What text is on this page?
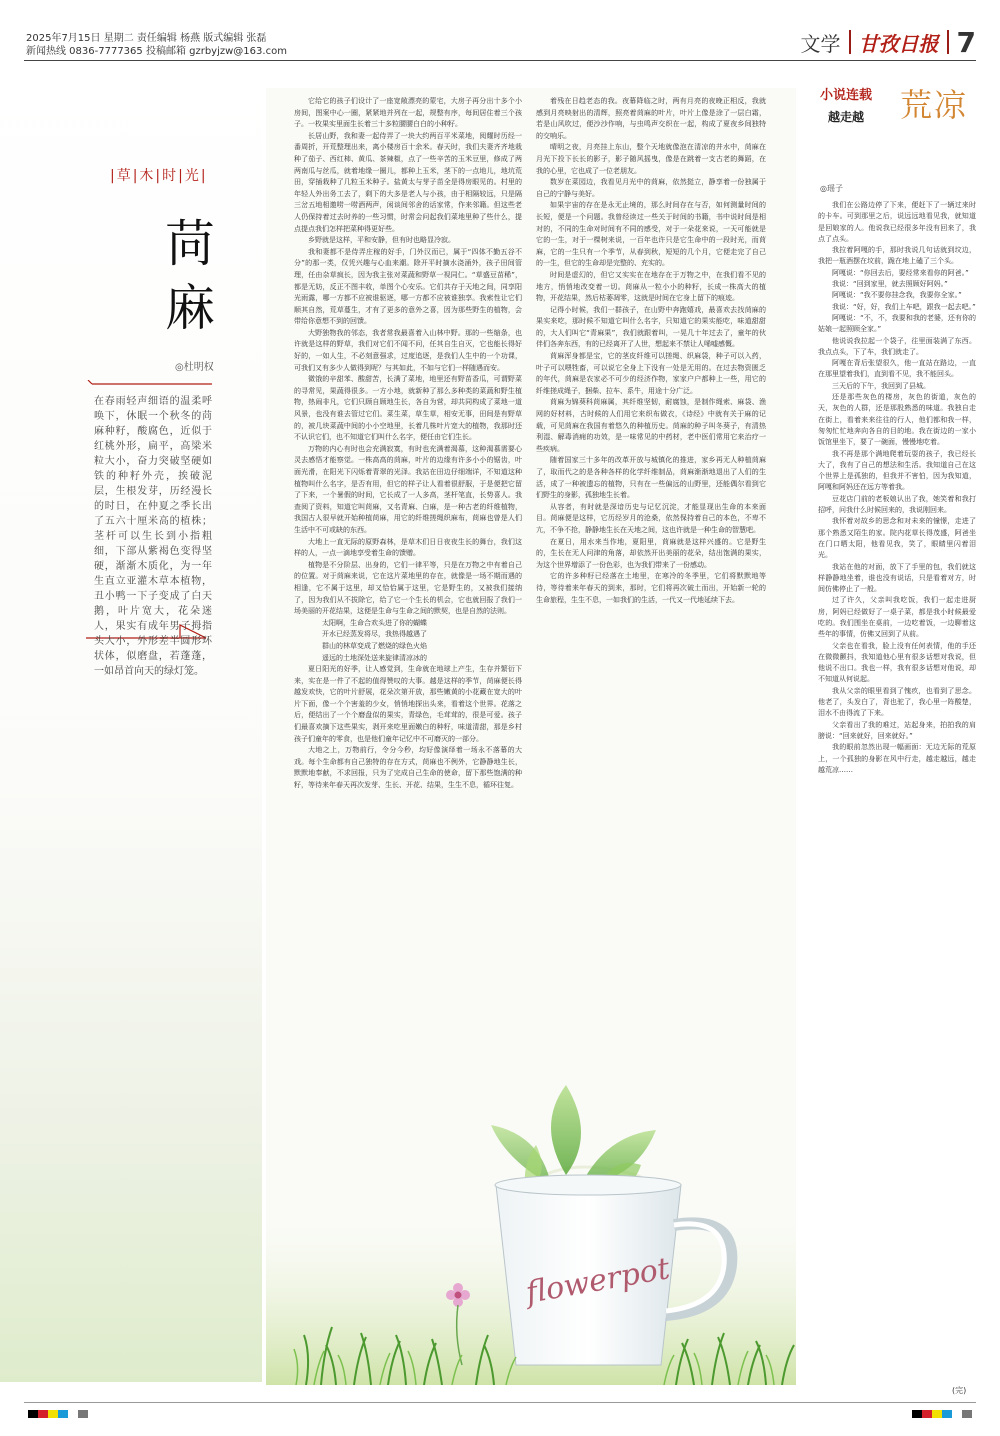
2025年7月15日 星期二 责任编辑 杨燕 版式编辑 张磊
新闻热线 0836-7777365 投稿邮箱 gzrbyjzw@163.com	文学 甘孜日报 7
|草|木|时|光|
苘
麻
◎杜明权
在春雨轻声细语的温柔呼唤下，休眠一个秋冬的苘麻种籽，酸腐色，近似于红桃外形，扁平，高梁米粒大小，奋力突破坚硬如铁的种籽外壳，挨破泥层，生根发芽，历经漫长的时日，在仲夏之季长出了五六十厘米高的植株；茎杆可以生长到小指粗细，下部从紫褐色变得坚硬，渐渐木质化，为一年生直立亚灌木草本植物，丑小鸭一下子变成了白天鹅，叶片宽大，花朵迷人，果实有成年男子拇指头大小，外形差半圆形环状体，似磨盘，若蓬蓬，一如昂首向天的绿灯笼。

它给它的孩子们设计了一座宽敞漂亮的蒙宅，大房子再分出十多个小房间，图案中心一圈，紧紧地并列在一起，规整有序，每间居住着三个孩子。一枚果实里面生长着三十多粒腰腰白白的小种籽。

长居山野，我和妻一起侍弄了一块大约两百平米菜地，阅耀时历经一番周折，开荒整理出来，离小楼房百十余米。春天时，我们夫妻齐齐地栽种了茄子、西红柿、黄瓜、茶辣椒，点了一些辛苦的玉米豆里，修成了两两南瓜与丝瓜，就着地缘一圈儿，都种上玉米，茎下的一点地儿，地坑荒田，穿插栽种了几粒玉米种子。盐黄太与芽子苗全是得房眼见的。村里的年轻人外出务工去了，剩下的大多是老人与小孩，由于相隔较远，只是隔三岔五地相邀唠一唠酒两声，闲谈间邻舍的话家常，作来邻籍。但这些老人仍保持着过去时养的一些习惯，时常会问起我们菜地里种了些什么，提点提点我们怎样把菜种得更好些。

乡野就是这样，平和安静，但有时也略显冷寂。

我和妻都不是侍弄庄稼的好手，门外汉而已，属于“四体不勤五谷不分”的那一类，仅凭兴趣与心血来潮。除开平时摘水浇涌外，孩子田间管理，任由杂草疯长，因为我主张对菜蔬和野草一视同仁。“草盛豆苗稀”，都是无妨，反正不图丰收，单图个心安乐。它们共存于天地之间，同享阳光雨露，哪一方都不应被谁驱逐，哪一方都不应被谁独享。我索性让它们顺其自然，荒草蔓生，才有了更多的意外之喜，因为那些野生的植物，会带给你意想不到的回馈。

大野独物我的邻态，我者常我最喜着入山林中野。那的一些缩条，也许就是这样的野草，我们对它们不闻不问，任其自生自灭，它也能长得好好的，一如人生，不必刻意强求，过度追逐，是我们人生中的一个功课，可我们又有多少人做得到呢？与其如此，不如与它们一样随遇而安。

微饿的辛甜苯、酸甜苦，长满了菜地，地里还有野苗香瓜，可谓野菜的寻常见，果蔬得很多。一方小地，就新种了那么多种类的菜蔬和野生植物，热闹非凡，它们只顾自顾地生长，各自为营，却共同构成了菜地一道风景，也没有谁去管过它们。菜生菜，草生草，相安无事，田间是有野草的，被几块菜蔬中间的小小空地里，长着几株叶片宽大的植物，我那时还不认识它们，也不知道它们叫什么名字，便任由它们生长。

万物的内心有时也会充满寂寞，有时也充满着渴慕，这种渴慕需要心灵去感悟才能察觉。一株高高的苘麻，叶片的边缘有许多小小的锯齿，叶面光滑，在阳光下闪烁着青翠的光泽。我站在田边仔细端详，不知道这种植物叫什么名字，是否有用，但它的样子让人看着很舒服，于是便把它留了下来，一个暑假的时间，它长成了一人多高，茎杆笔直，长势喜人。我查阅了资料，知道它叫苘麻，又名青麻、白麻，是一种古老的纤维植物，我国古人很早就开始种植苘麻，用它的纤维搓绳织麻布，苘麻也曾是人们生活中不可或缺的东西。

大地上一直无际的原野森林，是草木们日日夜夜生长的舞台，我们这样的人，一点一滴地享受着生命的馈赠。

植物是不分阶层、出身的，它们一律平等，只是在万物之中有着自己的位置。对于苘麻来说，它在这片菜地里的存在，就像是一场不期而遇的相逢，它不属于这里，却又恰恰属于这里，它是野生的，又被我们接纳了，因为我们从不拔除它，给了它一个生长的机会，它也就回报了我们一场美丽的开花结果，这便是生命与生命之间的默契，也是自然的法则。

太阳啊，生命合欢头进了你的蝴蝶

开水已经蒸发将尽，我热得越遇了

群山的林草变成了燃烧的绿色火焰

遥远的土地深处送来旋律清凉冰的

夏日阳光的好季，让人感觉到，生命就在地球上产生，生存并繁衍下来，实在是一件了不起的值得赞叹的大事。越是这样的季节，苘麻便长得越发欢快，它的叶片舒展，花朵次第开放，那些嫩黄的小花藏在宽大的叶片下面，像一个个害羞的少女，悄悄地探出头来，看着这个世界。花落之后，便结出了一个个磨盘似的果实，青绿色，毛茸茸的，很是可爱。孩子们最喜欢摘下这些果实，剥开来吃里面嫩白的种籽，味道清甜，那是乡村孩子们童年的零食，也是他们童年记忆中不可磨灭的一部分。

大地之上，万物前行，令分今秒，均好像演绎着一场永不落幕的大戏。每个生命都有自己独特的存在方式，苘麻也不例外，它静静地生长，默默地奉献，不求回报，只为了完成自己生命的使命，留下那些饱满的种籽，等待来年春天再次发芽、生长、开花、结果，生生不息，循环往复。

着残在日趋老态的我。夜幕降临之时，两有月亮的夜晚正相反，我就感到月亮映射出的清辉，照亮着苘麻的叶片，叶片上像是涂了一层白霜，若是山风吹过，便沙沙作响，与虫鸣声交织在一起，构成了夏夜乡间独特的交响乐。

晴明之夜，月亮挂上东山，整个天地就像泡在清凉的井水中，苘麻在月光下投下长长的影子，影子随风摇曳，像是在跳着一支古老的舞蹈，在我的心里，它也成了一位老朋友。

数岁在菜园边，我看见月光中的苘麻，依然挺立，静享着一份独属于自己的宁静与美好。

如果宇宙的存在是永无止境的，那么时间存在与否，如何测量时间的长短，便是一个问题。我曾经读过一些关于时间的书籍，书中说时间是相对的，不同的生命对时间有不同的感受，对于一朵花来说，一天可能就是它的一生，对于一棵树来说，一百年也许只是它生命中的一段时光，而苘麻，它的一生只有一个季节，从春到秋，短短的几个月，它便走完了自己的一生，但它的生命却是完整的、充实的。

时间是虚幻的，但它又实实在在地存在于万物之中，在我们看不见的地方，悄悄地改变着一切。苘麻从一粒小小的种籽，长成一株高大的植物，开花结果，然后枯萎凋零，这就是时间在它身上留下的痕迹。

记得小时候，我们一群孩子，在山野中奔跑嬉戏，最喜欢去找苘麻的果实来吃，那时候不知道它叫什么名字，只知道它的果实能吃，味道甜甜的，大人们叫它“青麻果”，我们就跟着叫，一晃几十年过去了，童年的伙伴们各奔东西，有的已经离开了人世，想起来不禁让人唏嘘感慨。

苘麻浑身都是宝，它的茎皮纤维可以搓绳、织麻袋，种子可以入药，叶子可以喂牲畜，可以说它全身上下没有一处是无用的。在过去物资匮乏的年代，苘麻是农家必不可少的经济作物，家家户户都种上一些，用它的纤维搓成绳子，捆柴、拉车、系牛，用途十分广泛。

苘麻为锦葵科苘麻属，其纤维坚韧，耐腐蚀，是制作绳索、麻袋、渔网的好材料，古时候的人们用它来织布做衣，《诗经》中就有关于麻的记载，可见苘麻在我国有着悠久的种植历史。苘麻的种子叫冬葵子，有清热利湿、解毒消痈的功效，是一味常见的中药材，老中医们常用它来治疗一些疾病。

随着国家三十多年的改革开放与城镇化的推进，家乡再无人种植苘麻了，取而代之的是各种各样的化学纤维制品，苘麻渐渐地退出了人们的生活，成了一种被遗忘的植物，只有在一些偏远的山野里，还能偶尔看到它们野生的身影，孤独地生长着。

从容者，有时就是深谙历史与记忆沉淀，才能显现出生命的本来面目。苘麻便是这样，它历经岁月的沧桑，依然保持着自己的本色，不卑不亢，不争不抢，静静地生长在天地之间，这也许就是一种生命的智慧吧。

在夏日，用水来当作地，夏阳里，苘麻就是这样兴盛的。它是野生的，生长在无人问津的角落，却依然开出美丽的花朵，结出饱满的果实，为这个世界增添了一份色彩，也为我们带来了一份感动。

它的许多种籽已经落在土地里，在寒冷的冬季里，它们将默默地等待，等待着来年春天的到来，那时，它们将再次破土而出，开始新一轮的生命旅程，生生不息，一如我们的生活，一代又一代地延续下去。

flowerpot
小说连载
越走越 荒凉
◎瑶子

我们在公路边停了下来，便赶下了一辆过来时的卡车。可到那里之后，说远远地看见我，就知道是回娘家的人。他说我已经很多年没有回来了，我点了点头。

我拉着阿嘎的手，那时我说几句话就到坟边，我把一瓶酒摆在坟前，跪在地上磕了三个头。

阿嘎说：“你回去后，要经常来看你的阿爸。”

我说：“回到家里，就去照顾好阿妈。”

阿嘎说：“我不要你挂念我，我要你全家。”

我说：“好，好，我们上车吧，跟我一起去吧。”

阿嘎说：“不，不，我要和我的老婆，还有你的姑娘一起照顾全家。”

他说说我拉起一个袋子，往里面装满了东西。我点点头，下了车，我们就走了。

阿嘎在背后张望很久，他一直站在路边，一直在那里望着我们，直到看不见，我不能回头。

三天后的下午，我回到了县城。

还是那些灰色的楼房，灰色的街道，灰色的天，灰色的人群，还是那股熟悉的味道。我独自走在街上，看着来来往往的行人，他们都和我一样，匆匆忙忙地奔向各自的目的地。我在街边的一家小饭馆里坐下，要了一碗面，慢慢地吃着。

我不再是那个满地爬着玩耍的孩子，我已经长大了，我有了自己的想法和生活。我知道自己在这个世界上是孤独的，但我并不害怕，因为我知道，阿嘎和阿妈还在远方等着我。

豆花店门前的老板娘认出了我，她笑着和我打招呼，问我什么时候回来的，我说刚回来。

我怀着对故乡的思念和对未来的憧憬，走进了那个熟悉又陌生的家。院内花草长得茂盛，阿爸坐在门口晒太阳，他看见我，笑了，眼睛里闪着泪光。

我站在他的对面，放下了手里的包，我们就这样静静地坐着，谁也没有说话，只是看着对方，时间仿佛停止了一般。

过了许久，父亲叫我吃饭，我们一起走进厨房，阿妈已经做好了一桌子菜，都是我小时候最爱吃的。我们围坐在桌前，一边吃着饭，一边聊着这些年的事情，仿佛又回到了从前。

父亲也在看我，脸上没有任何表情，他的手还在微微颤抖，我知道他心里有很多话想对我说，但他说不出口。我也一样，我有很多话想对他说，却不知道从何说起。

我从父亲的眼里看到了愧疚，也看到了思念。他老了，头发白了，背也驼了，我心里一阵酸楚，泪水不由得流了下来。

父亲看出了我的难过，站起身来，拍拍我的肩膀说：“回来就好，回来就好。”

我的眼前忽然出现一幅画面：无边无际的荒原上，一个孤独的身影在风中行走，越走越远，越走越荒凉……

(完)
